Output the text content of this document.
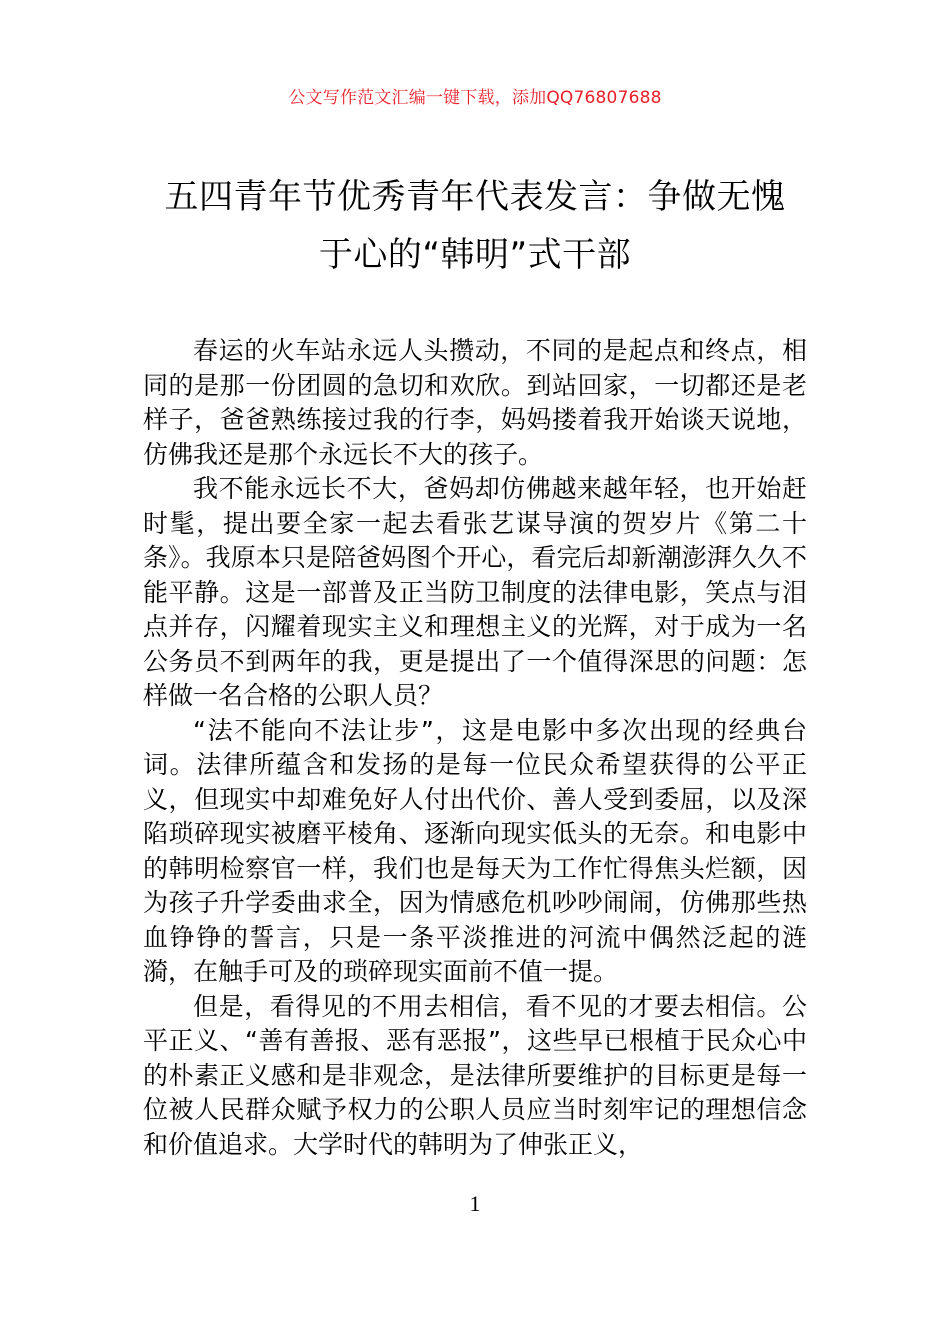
公文写作范文汇编一键下载，添加QQ76807688
五四青年节优秀青年代表发言：争做无愧
于心的“韩明”式干部

春运的火车站永远人头攒动，不同的是起点和终点，相同的是那一份团圆的急切和欢欣。到站回家，一切都还是老样子，爸爸熟练接过我的行李，妈妈搂着我开始谈天说地，仿佛我还是那个永远长不大的孩子。

我不能永远长不大，爸妈却仿佛越来越年轻，也开始赶时髦，提出要全家一起去看张艺谋导演的贺岁片《第二十条》。我原本只是陪爸妈图个开心，看完后却新潮澎湃久久不能平静。这是一部普及正当防卫制度的法律电影，笑点与泪点并存，闪耀着现实主义和理想主义的光辉，对于成为一名公务员不到两年的我，更是提出了一个值得深思的问题：怎样做一名合格的公职人员？

“法不能向不法让步”，这是电影中多次出现的经典台词。法律所蕴含和发扬的是每一位民众希望获得的公平正义，但现实中却难免好人付出代价、善人受到委屈，以及深陷琐碎现实被磨平棱角、逐渐向现实低头的无奈。和电影中的韩明检察官一样，我们也是每天为工作忙得焦头烂额，因为孩子升学委曲求全，因为情感危机吵吵闹闹，仿佛那些热血铮铮的誓言，只是一条平淡推进的河流中偶然泛起的涟漪，在触手可及的琐碎现实面前不值一提。

但是，看得见的不用去相信，看不见的才要去相信。公平正义、“善有善报、恶有恶报”，这些早已根植于民众心中的朴素正义感和是非观念，是法律所要维护的目标更是每一位被人民群众赋予权力的公职人员应当时刻牢记的理想信念和价值追求。大学时代的韩明为了伸张正义，

1
